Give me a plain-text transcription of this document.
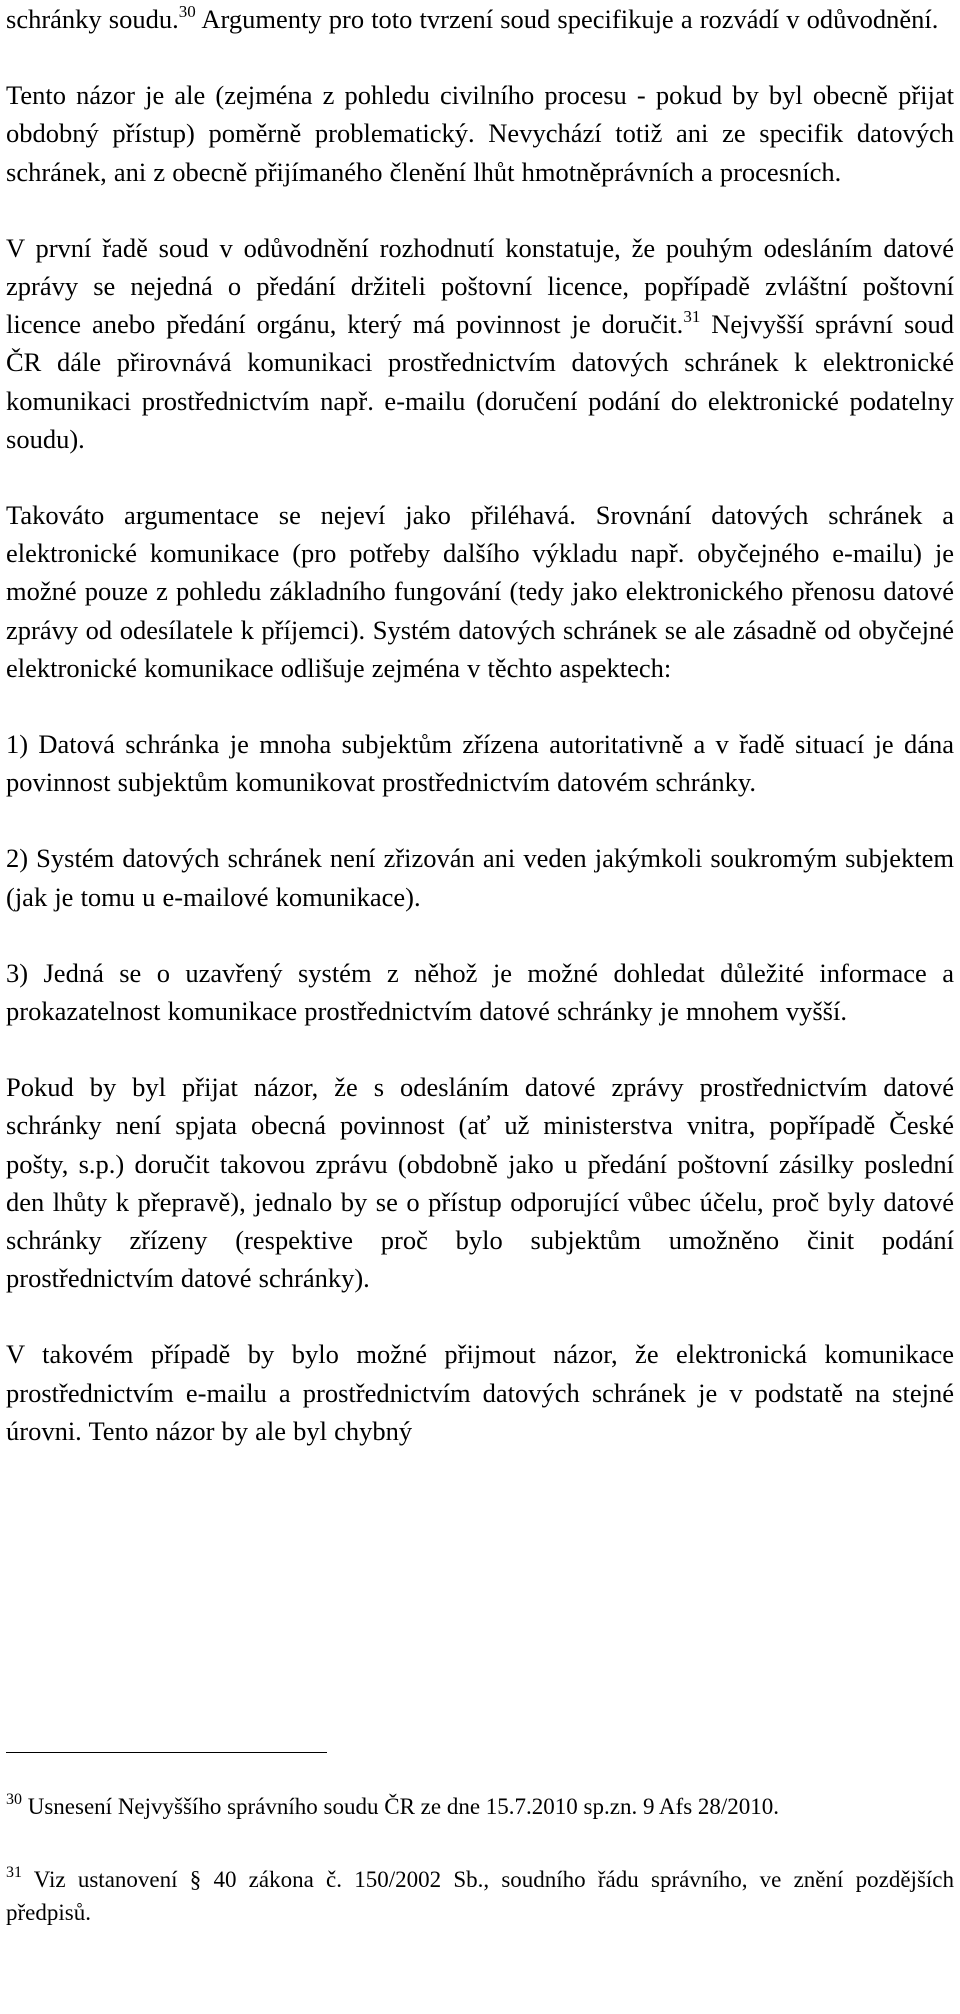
schránky soudu.$^{30}$ Argumenty pro toto tvrzení soud specifikuje a rozvádí v odůvodnění.

Tento názor je ale (zejména z pohledu civilního procesu - pokud by byl obecně přijat obdobný přístup) poměrně problematický. Nevychází totiž ani ze specifik datových schránek, ani z obecně přijímaného členění lhůt hmotněprávních a procesních.

V první řadě soud v odůvodnění rozhodnutí konstatuje, že pouhým odesláním datové zprávy se nejedná o předání držiteli poštovní licence, popřípadě zvláštní poštovní licence anebo předání orgánu, který má povinnost je doručit.$^{31}$ Nejvyšší správní soud ČR dále přirovnává komunikaci prostřednictvím datových schránek k elektronické komunikaci prostřednictvím např. e-mailu (doručení podání do elektronické podatelny soudu).

Takováto argumentace se nejeví jako přiléhavá. Srovnání datových schránek a elektronické komunikace (pro potřeby dalšího výkladu např. obyčejného e-mailu) je možné pouze z pohledu základního fungování (tedy jako elektronického přenosu datové zprávy od odesílatele k příjemci). Systém datových schránek se ale zásadně od obyčejné elektronické komunikace odlišuje zejména v těchto aspektech:

1) Datová schránka je mnoha subjektům zřízena autoritativně a v řadě situací je dána povinnost subjektům komunikovat prostřednictvím datovém schránky.

2) Systém datových schránek není zřizován ani veden jakýmkoli soukromým subjektem (jak je tomu u e-mailové komunikace).

3) Jedná se o uzavřený systém z něhož je možné dohledat důležité informace a prokazatelnost komunikace prostřednictvím datové schránky je mnohem vyšší.

Pokud by byl přijat názor, že s odesláním datové zprávy prostřednictvím datové schránky není spjata obecná povinnost (ať už ministerstva vnitra, popřípadě České pošty, s.p.) doručit takovou zprávu (obdobně jako u předání poštovní zásilky poslední den lhůty k přepravě), jednalo by se o přístup odporující vůbec účelu, proč byly datové schránky zřízeny (respektive proč bylo subjektům umožněno činit podání prostřednictvím datové schránky).

V takovém případě by bylo možné přijmout názor, že elektronická komunikace prostřednictvím e-mailu a prostřednictvím datových schránek je v podstatě na stejné úrovni. Tento názor by ale byl chybný

$^{30}$ Usnesení Nejvyššího správního soudu ČR ze dne 15.7.2010 sp.zn. 9 Afs 28/2010.

$^{31}$ Viz ustanovení § 40 zákona č. 150/2002 Sb., soudního řádu správního, ve znění pozdějších předpisů.
